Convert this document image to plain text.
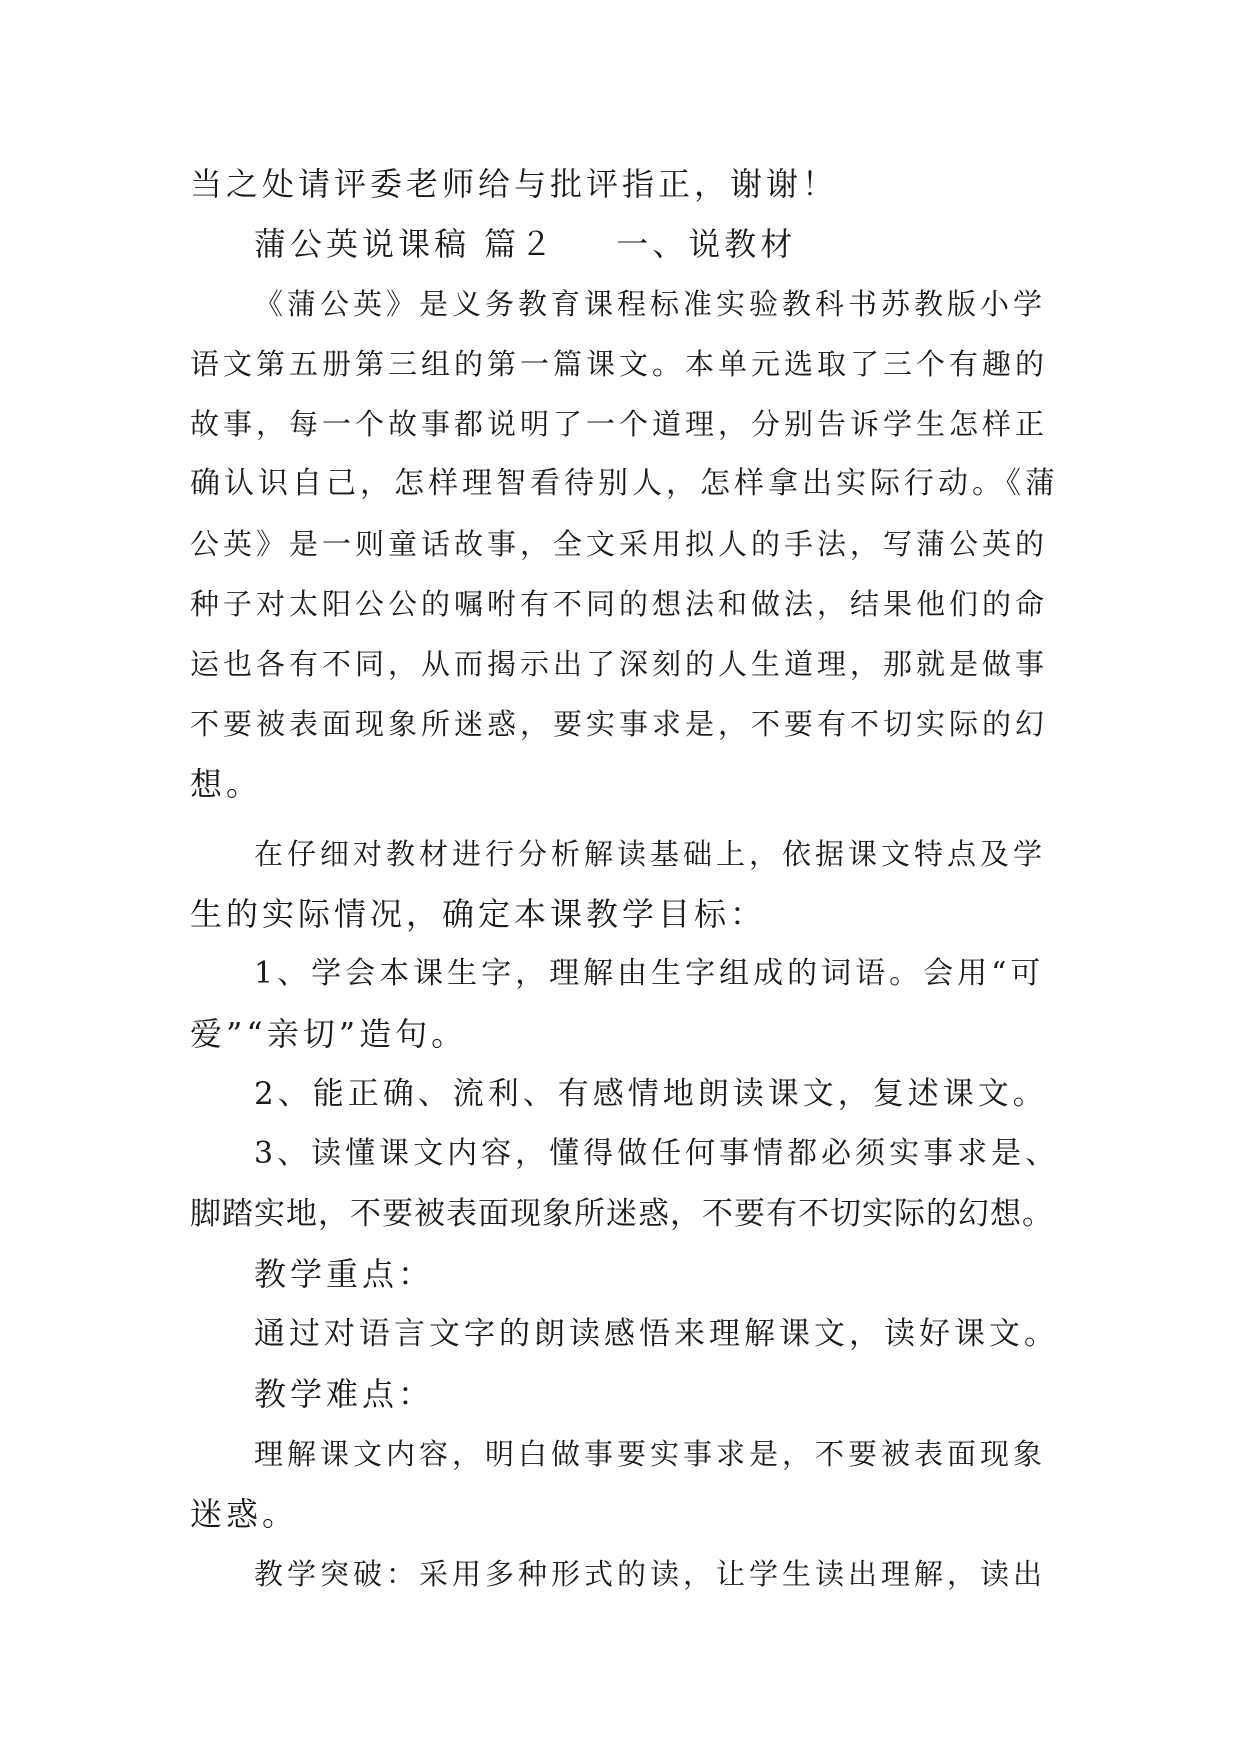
当之处请评委老师给与批评指正，谢谢！

蒲公英说课稿 篇２ 一、说教材

《蒲公英》是义务教育课程标准实验教科书苏教版小学

语文第五册第三组的第一篇课文。本单元选取了三个有趣的

故事，每一个故事都说明了一个道理，分别告诉学生怎样正

确认识自己，怎样理智看待别人，怎样拿出实际行动。《蒲

公英》是一则童话故事，全文采用拟人的手法，写蒲公英的

种子对太阳公公的嘱咐有不同的想法和做法，结果他们的命

运也各有不同，从而揭示出了深刻的人生道理，那就是做事

不要被表面现象所迷惑，要实事求是，不要有不切实际的幻

想。

在仔细对教材进行分析解读基础上，依据课文特点及学

生的实际情况，确定本课教学目标：

1、学会本课生字，理解由生字组成的词语。会用“可

爱”“亲切”造句。

2、能正确、流利、有感情地朗读课文，复述课文。

3、读懂课文内容，懂得做任何事情都必须实事求是、

脚踏实地，不要被表面现象所迷惑，不要有不切实际的幻想。

教学重点：

通过对语言文字的朗读感悟来理解课文，读好课文。

教学难点：

理解课文内容，明白做事要实事求是，不要被表面现象

迷惑。

教学突破：采用多种形式的读，让学生读出理解，读出
